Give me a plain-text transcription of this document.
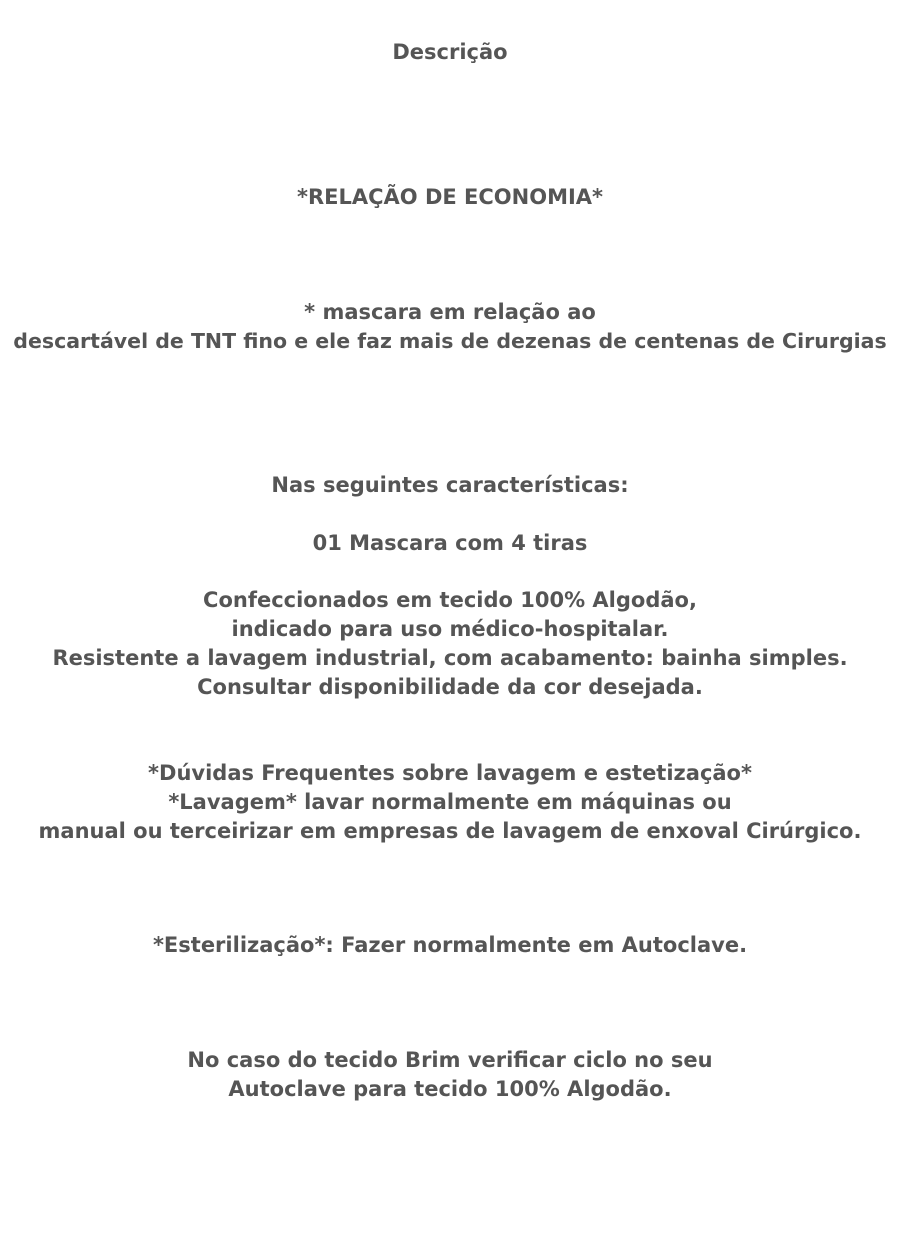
Descrição
*RELAÇÃO DE ECONOMIA*
* mascara em relação ao
descartável de TNT fino e ele faz mais de dezenas de centenas de Cirurgias
Nas seguintes características:
01 Mascara com 4 tiras
Confeccionados em tecido 100% Algodão,
indicado para uso médico-hospitalar.
Resistente a lavagem industrial, com acabamento: bainha simples.
Consultar disponibilidade da cor desejada.
*Dúvidas Frequentes sobre lavagem e estetização*
*Lavagem* lavar normalmente em máquinas ou
manual ou terceirizar em empresas de lavagem de enxoval Cirúrgico.
*Esterilização*: Fazer normalmente em Autoclave.
No caso do tecido Brim verificar ciclo no seu
Autoclave para tecido 100% Algodão.
